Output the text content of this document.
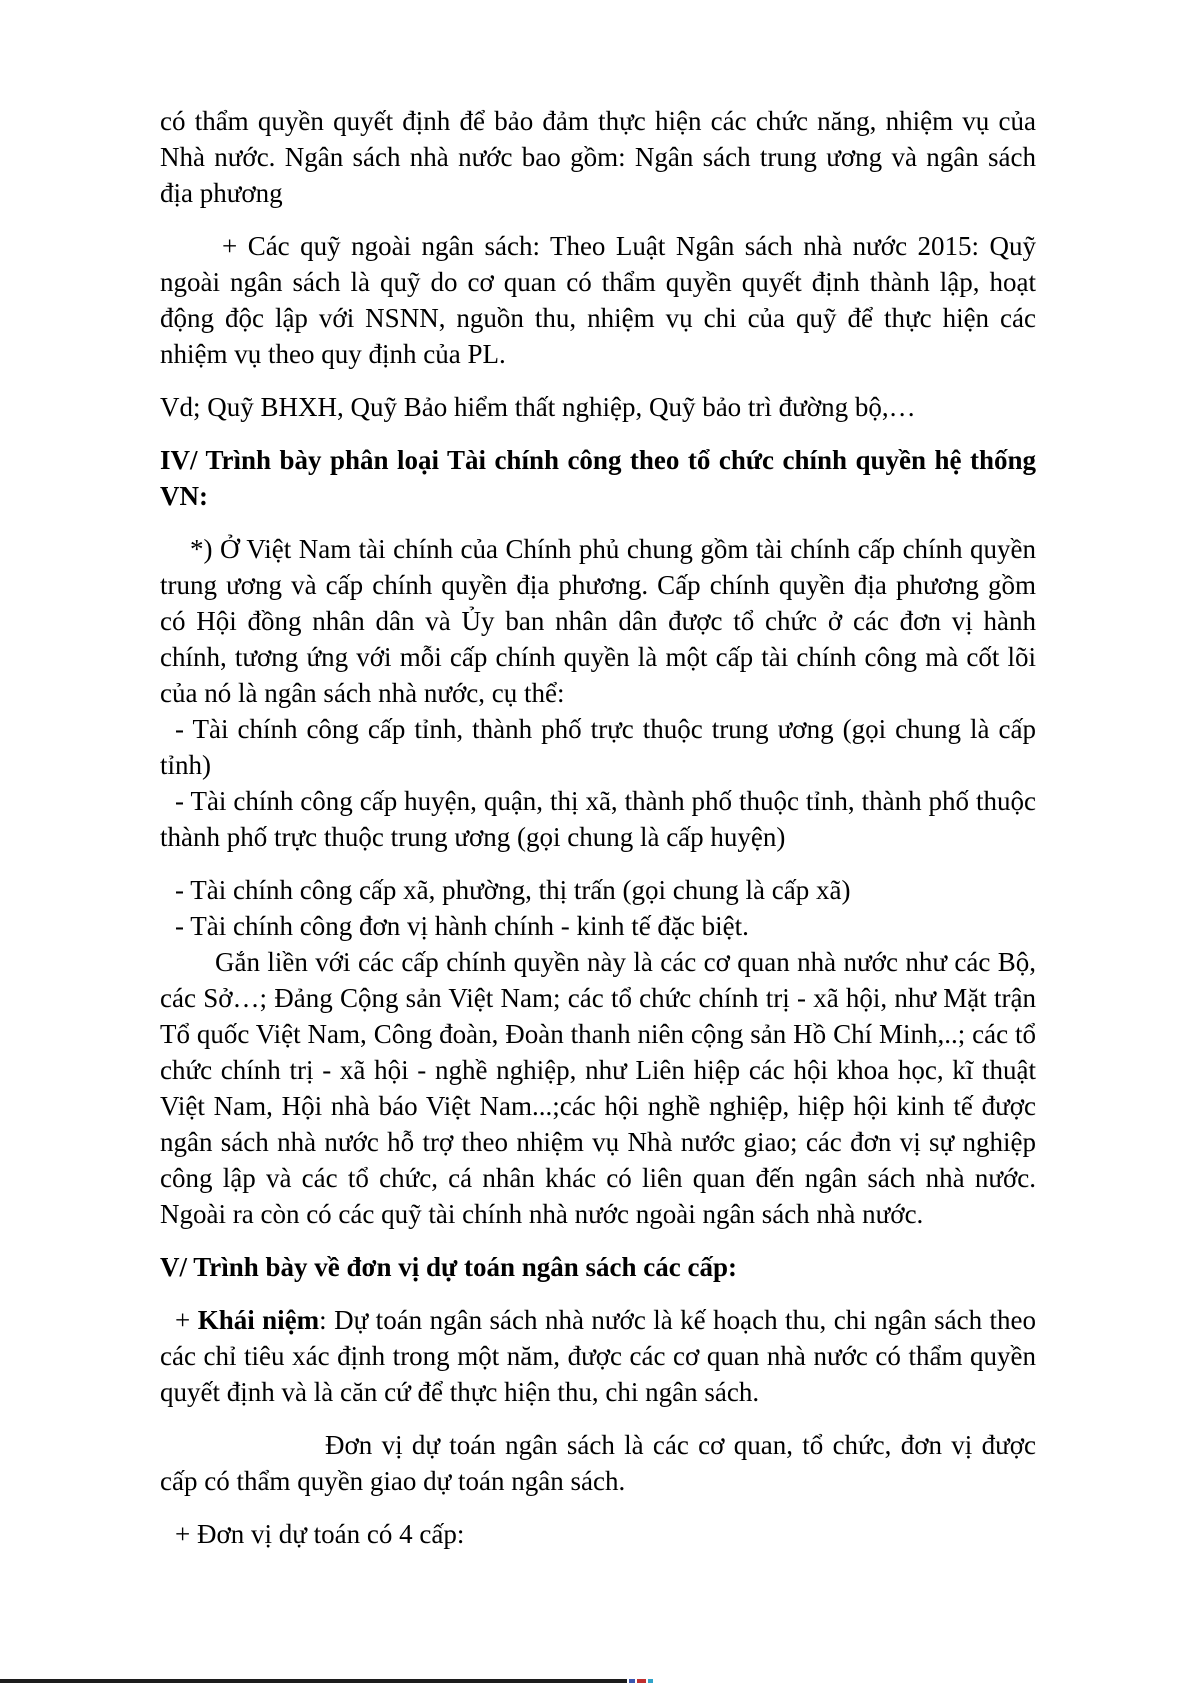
có thẩm quyền quyết định để bảo đảm thực hiện các chức năng, nhiệm vụ của Nhà nước. Ngân sách nhà nước bao gồm: Ngân sách trung ương và ngân sách địa phương

+ Các quỹ ngoài ngân sách: Theo Luật Ngân sách nhà nước 2015: Quỹ ngoài ngân sách là quỹ do cơ quan có thẩm quyền quyết định thành lập, hoạt động độc lập với NSNN, nguồn thu, nhiệm vụ chi của quỹ để thực hiện các nhiệm vụ theo quy định của PL.

Vd; Quỹ BHXH, Quỹ Bảo hiểm thất nghiệp, Quỹ bảo trì đường bộ,…

IV/ Trình bày phân loại Tài chính công theo tổ chức chính quyền hệ thống VN:

*) Ở Việt Nam tài chính của Chính phủ chung gồm tài chính cấp chính quyền trung ương và cấp chính quyền địa phương. Cấp chính quyền địa phương gồm có Hội đồng nhân dân và Ủy ban nhân dân được tổ chức ở các đơn vị hành chính, tương ứng với mỗi cấp chính quyền là một cấp tài chính công mà cốt lõi của nó là ngân sách nhà nước, cụ thể:

- Tài chính công cấp tỉnh, thành phố trực thuộc trung ương (gọi chung là cấp tỉnh)

- Tài chính công cấp huyện, quận, thị xã, thành phố thuộc tỉnh, thành phố thuộc thành phố trực thuộc trung ương (gọi chung là cấp huyện)

- Tài chính công cấp xã, phường, thị trấn (gọi chung là cấp xã)

- Tài chính công đơn vị hành chính - kinh tế đặc biệt.

Gắn liền với các cấp chính quyền này là các cơ quan nhà nước như các Bộ, các Sở…; Đảng Cộng sản Việt Nam; các tổ chức chính trị - xã hội, như Mặt trận Tổ quốc Việt Nam, Công đoàn, Đoàn thanh niên cộng sản Hồ Chí Minh,..; các tổ chức chính trị - xã hội - nghề nghiệp, như Liên hiệp các hội khoa học, kĩ thuật Việt Nam, Hội nhà báo Việt Nam...;các hội nghề nghiệp, hiệp hội kinh tế được ngân sách nhà nước hỗ trợ theo nhiệm vụ Nhà nước giao; các đơn vị sự nghiệp công lập và các tổ chức, cá nhân khác có liên quan đến ngân sách nhà nước. Ngoài ra còn có các quỹ tài chính nhà nước ngoài ngân sách nhà nước.

V/ Trình bày về đơn vị dự toán ngân sách các cấp:

+ Khái niệm: Dự toán ngân sách nhà nước là kế hoạch thu, chi ngân sách theo các chỉ tiêu xác định trong một năm, được các cơ quan nhà nước có thẩm quyền quyết định và là căn cứ để thực hiện thu, chi ngân sách.

Đơn vị dự toán ngân sách là các cơ quan, tổ chức, đơn vị được cấp có thẩm quyền giao dự toán ngân sách.

+ Đơn vị dự toán có 4 cấp:
